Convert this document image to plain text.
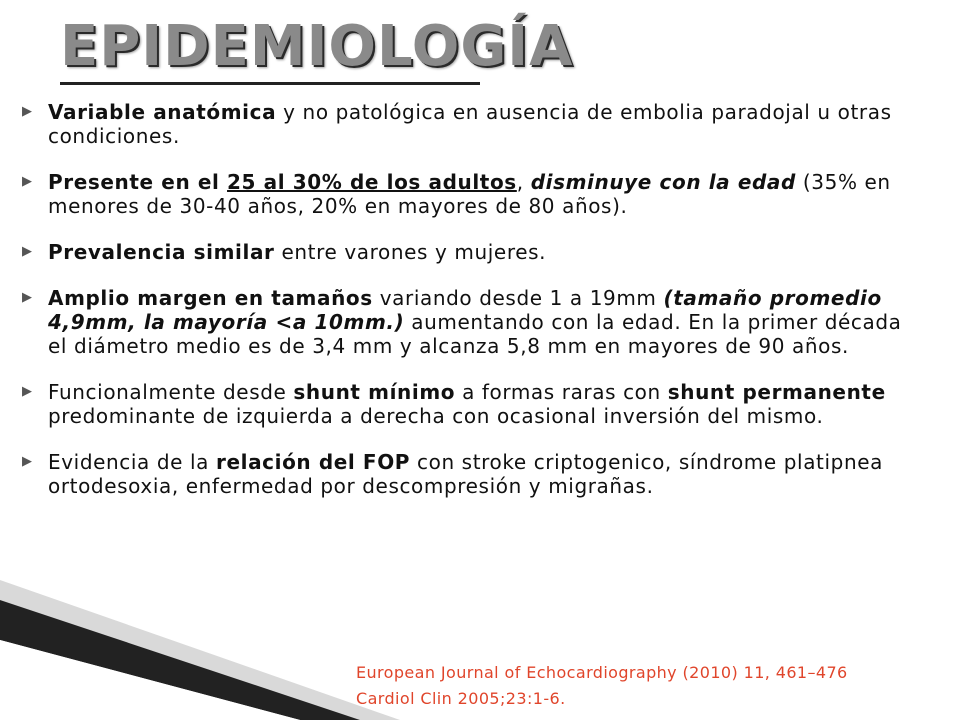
EPIDEMIOLOGÍA
▶ Variable anatómica y no patológica en ausencia de embolia paradojal u otras condiciones.
▶ Presente en el 25 al 30% de los adultos, disminuye con la edad (35% en menores de 30-40 años, 20% en mayores de 80 años).
▶ Prevalencia similar entre varones y mujeres.
▶ Amplio margen en tamaños variando desde 1 a 19mm (tamaño promedio 4,9mm, la mayoría <a 10mm.) aumentando con la edad. En la primer década el diámetro medio es de 3,4 mm y alcanza 5,8 mm en mayores de 90 años.
▶ Funcionalmente desde shunt mínimo a formas raras con shunt permanente predominante de izquierda a derecha con ocasional inversión del mismo.
▶ Evidencia de la relación del FOP con stroke criptogenico, síndrome platipnea ortodesoxia, enfermedad por descompresión y migrañas.
European Journal of Echocardiography (2010) 11, 461–476
Cardiol Clin 2005;23:1-6.
